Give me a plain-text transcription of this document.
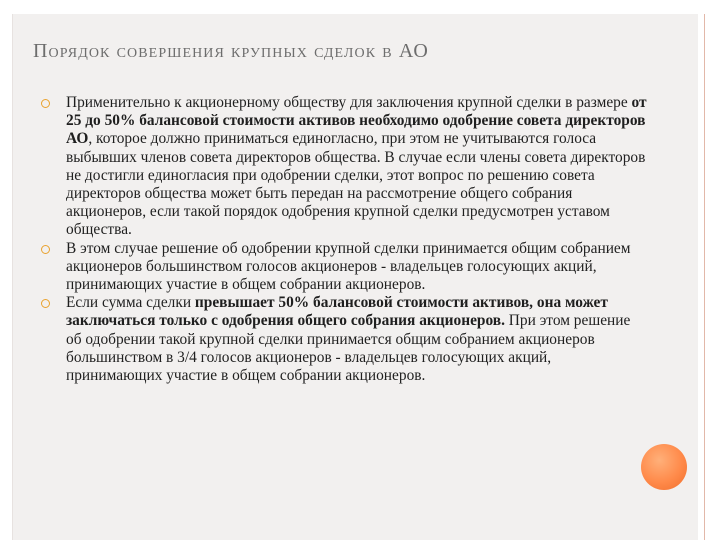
Порядок совершения крупных сделок в АО
Применительно к акционерному обществу для заключения крупной сделки в размере от 25 до 50% балансовой стоимости активов необходимо одобрение совета директоров АО, которое должно приниматься единогласно, при этом не учитываются голоса выбывших членов совета директоров общества. В случае если члены совета директоров не достигли единогласия при одобрении сделки, этот вопрос по решению совета директоров общества может быть передан на рассмотрение общего собрания акционеров, если такой порядок одобрения крупной сделки предусмотрен уставом общества.
В этом случае решение об одобрении крупной сделки принимается общим собранием акционеров большинством голосов акционеров - владельцев голосующих акций, принимающих участие в общем собрании акционеров.
Если сумма сделки превышает 50% балансовой стоимости активов, она может заключаться только с одобрения общего собрания акционеров. При этом решение об одобрении такой крупной сделки принимается общим собранием акционеров большинством в 3/4 голосов акционеров - владельцев голосующих акций, принимающих участие в общем собрании акционеров.
